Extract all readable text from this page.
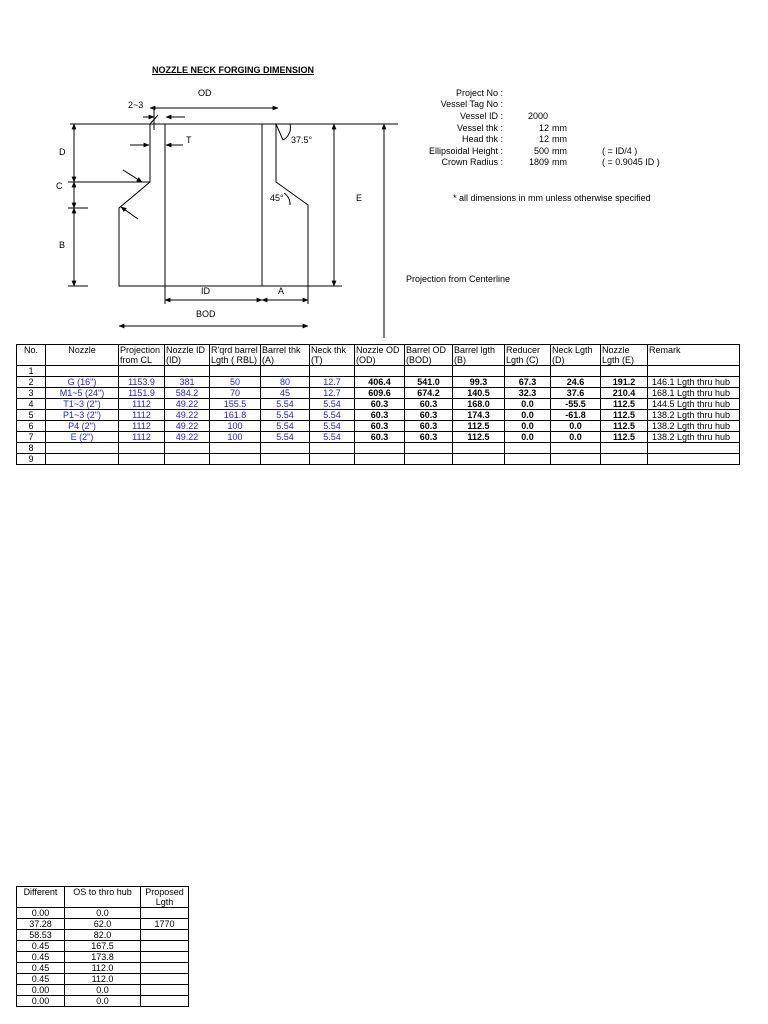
NOZZLE NECK FORGING DIMENSION
OD
2~3
T	37.5°
D
C
B
45°	E
ID	A
BOD
Project No :
Vessel Tag No :
Vessel ID :	2000
Vessel thk :	12 mm
Head thk :	12 mm
Ellipsoidal Height :	500 mm	( = ID/4 )
Crown Radius :	1809 mm	( = 0.9045 ID )
* all dimensions in mm unless otherwise specified
Projection from Centerline
No.	Nozzle	Projection from CL	Nozzle ID (ID)	R'qrd barrel Lgth ( RBL)	Barrel thk (A)	Neck thk (T)	Nozzle OD (OD)	Barrel OD (BOD)	Barrel lgth (B)	Reducer Lgth (C)	Neck Lgth (D)	Nozzle Lgth (E)	Remark
1													
2	G (16")	1153.9	381	50	80	12.7	406.4	541.0	99.3	67.3	24.6	191.2	146.1 Lgth thru hub
3	M1~5 (24")	1151.9	584.2	70	45	12.7	609.6	674.2	140.5	32.3	37.6	210.4	168.1 Lgth thru hub
4	T1~3 (2")	1112	49.22	155.5	5.54	5.54	60.3	60.3	168.0	0.0	-55.5	112.5	144.5 Lgth thru hub
5	P1~3 (2")	1112	49.22	161.8	5.54	5.54	60.3	60.3	174.3	0.0	-61.8	112.5	138.2 Lgth thru hub
6	P4 (2")	1112	49.22	100	5.54	5.54	60.3	60.3	112.5	0.0	0.0	112.5	138.2 Lgth thru hub
7	E (2")	1112	49.22	100	5.54	5.54	60.3	60.3	112.5	0.0	0.0	112.5	138.2 Lgth thru hub
8													
9													
Different	OS to thro hub	Proposed Lgth
0.00	0.0	
37.28	62.0	1770
58.53	82.0	
0.45	167.5	
0.45	173.8	
0.45	112.0	
0.45	112.0	
0.00	0.0	
0.00	0.0	
